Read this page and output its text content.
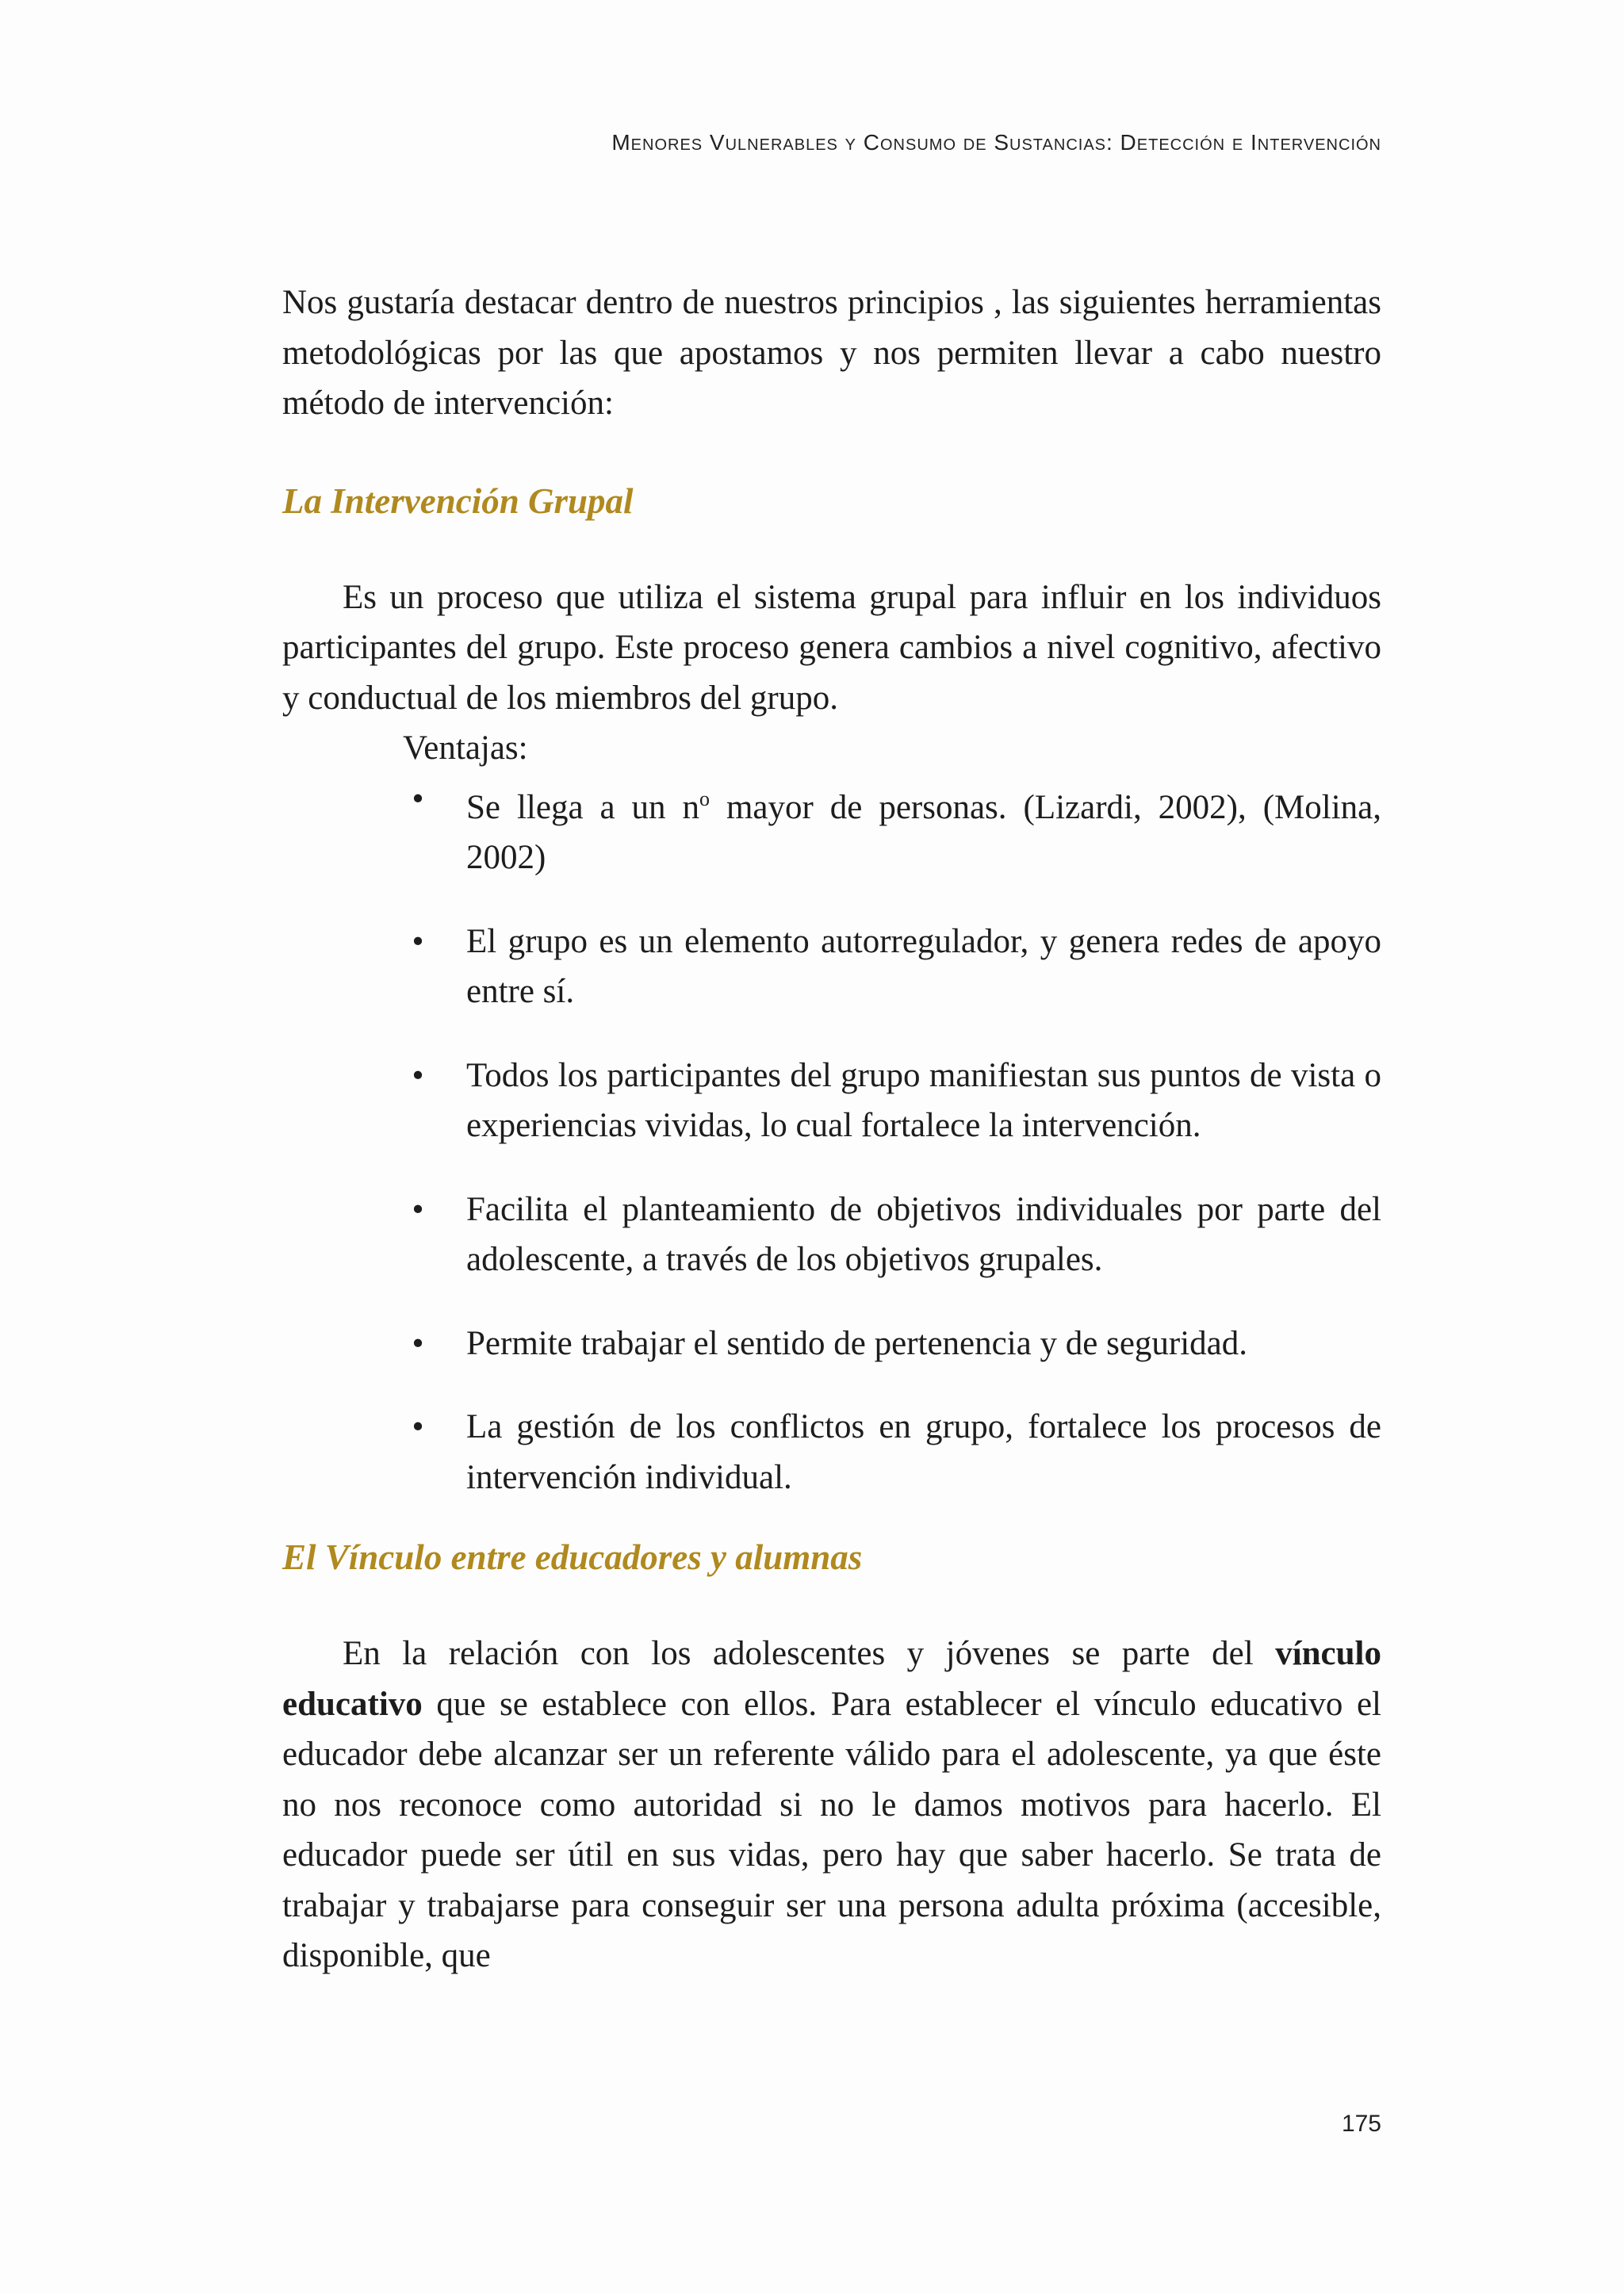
Menores Vulnerables y Consumo de Sustancias: Detección e Intervención

Nos gustaría destacar dentro de nuestros principios , las siguientes herramientas metodológicas por las que apostamos y nos permiten llevar a cabo nuestro método de intervención:

La Intervención Grupal

Es un proceso que utiliza el sistema grupal para influir en los individuos participantes del grupo. Este proceso genera cambios a nivel cognitivo, afectivo y conductual de los miembros del grupo.

Ventajas:

• Se llega a un $n^o$ mayor de personas. (Lizardi, 2002), (Molina, 2002)
• El grupo es un elemento autorregulador, y genera redes de apoyo entre sí.
• Todos los participantes del grupo manifiestan sus puntos de vista o experiencias vividas, lo cual fortalece la intervención.
• Facilita el planteamiento de objetivos individuales por parte del adolescente, a través de los objetivos grupales.
• Permite trabajar el sentido de pertenencia y de seguridad.
• La gestión de los conflictos en grupo, fortalece los procesos de intervención individual.
El Vínculo entre educadores y alumnas

En la relación con los adolescentes y jóvenes se parte del vínculo educativo que se establece con ellos. Para establecer el vínculo educativo el educador debe alcanzar ser un referente válido para el adolescente, ya que éste no nos reconoce como autoridad si no le damos motivos para hacerlo. El educador puede ser útil en sus vidas, pero hay que saber hacerlo. Se trata de trabajar y trabajarse para conseguir ser una persona adulta próxima (accesible, disponible, que

175
